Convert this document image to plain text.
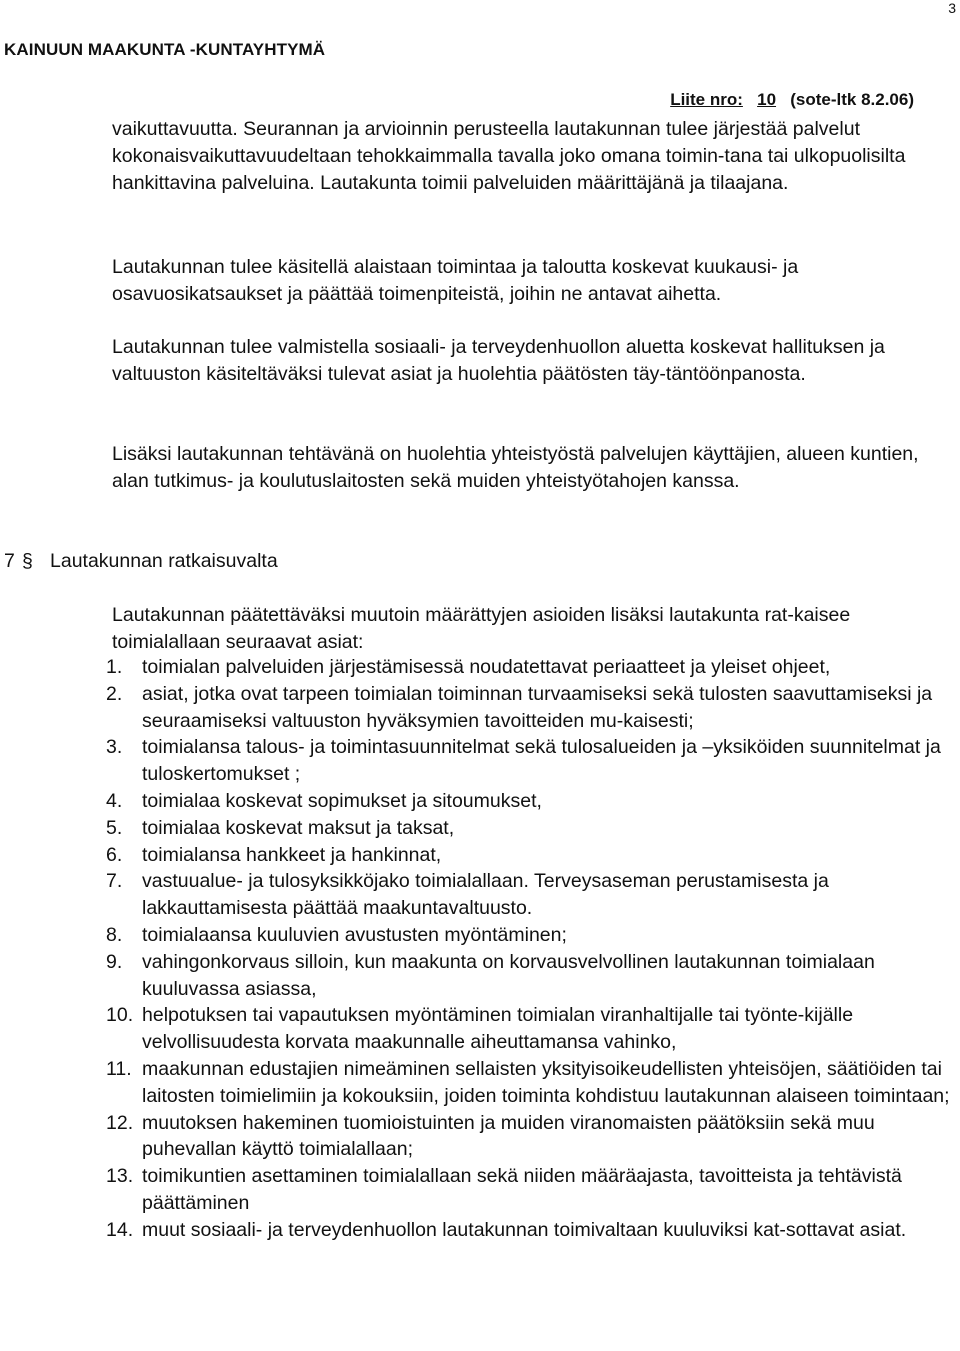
3
KAINUUN MAAKUNTA -KUNTAYHTYMÄ
Liite nro: 10 (sote-ltk 8.2.06)
vaikuttavuutta. Seurannan ja arvioinnin perusteella lautakunnan tulee järjestää palvelut kokonaisvaikuttavuudeltaan tehokkaimmalla tavalla joko omana toimin-tana tai ulkopuolisilta hankittavina palveluina. Lautakunta toimii palveluiden määrittäjänä ja tilaajana.
Lautakunnan tulee käsitellä alaistaan toimintaa ja taloutta koskevat kuukausi- ja osavuosikatsaukset ja päättää toimenpiteistä, joihin ne antavat aihetta.
Lautakunnan tulee valmistella sosiaali- ja terveydenhuollon aluetta koskevat hallituksen ja valtuuston käsiteltäväksi tulevat asiat ja huolehtia päätösten täy-täntöönpanosta.
Lisäksi lautakunnan tehtävänä on huolehtia yhteistyöstä palvelujen käyttäjien, alueen kuntien, alan tutkimus- ja koulutuslaitosten sekä muiden yhteistyötahojen kanssa.
7 § Lautakunnan ratkaisuvalta
Lautakunnan päätettäväksi muutoin määrättyjen asioiden lisäksi lautakunta rat-kaisee toimialallaan seuraavat asiat:
1.	toimialan palveluiden järjestämisessä noudatettavat periaatteet ja yleiset ohjeet,
2.	asiat, jotka ovat tarpeen toimialan toiminnan turvaamiseksi sekä tulosten saavuttamiseksi ja seuraamiseksi valtuuston hyväksymien tavoitteiden mu-kaisesti;
3.	toimialansa talous- ja toimintasuunnitelmat sekä tulosalueiden ja –yksiköiden suunnitelmat ja tuloskertomukset ;
4.	toimialaa koskevat sopimukset ja sitoumukset,
5.	toimialaa koskevat maksut ja taksat,
6.	toimialansa hankkeet ja hankinnat,
7.	vastuualue- ja tulosyksikköjako toimialallaan. Terveysaseman perustamisesta ja lakkauttamisesta päättää maakuntavaltuusto.
8.	toimialaansa kuuluvien avustusten myöntäminen;
9.	vahingonkorvaus silloin, kun maakunta on korvausvelvollinen lautakunnan toimialaan kuuluvassa asiassa,
10. helpotuksen tai vapautuksen myöntäminen toimialan viranhaltijalle tai työnte-kijälle velvollisuudesta korvata maakunnalle aiheuttamansa vahinko,
11. maakunnan edustajien nimeäminen sellaisten yksityisoikeudellisten yhteisöjen, säätiöiden tai laitosten toimielimiin ja kokouksiin, joiden toiminta kohdistuu lautakunnan alaiseen toimintaan;
12. muutoksen hakeminen tuomioistuinten ja muiden viranomaisten päätöksiin sekä muu puhevallan käyttö toimialallaan;
13. toimikuntien asettaminen toimialallaan sekä niiden määräajasta, tavoitteista ja tehtävistä päättäminen
14. muut sosiaali- ja terveydenhuollon lautakunnan toimivaltaan kuuluviksi kat-sottavat asiat.
